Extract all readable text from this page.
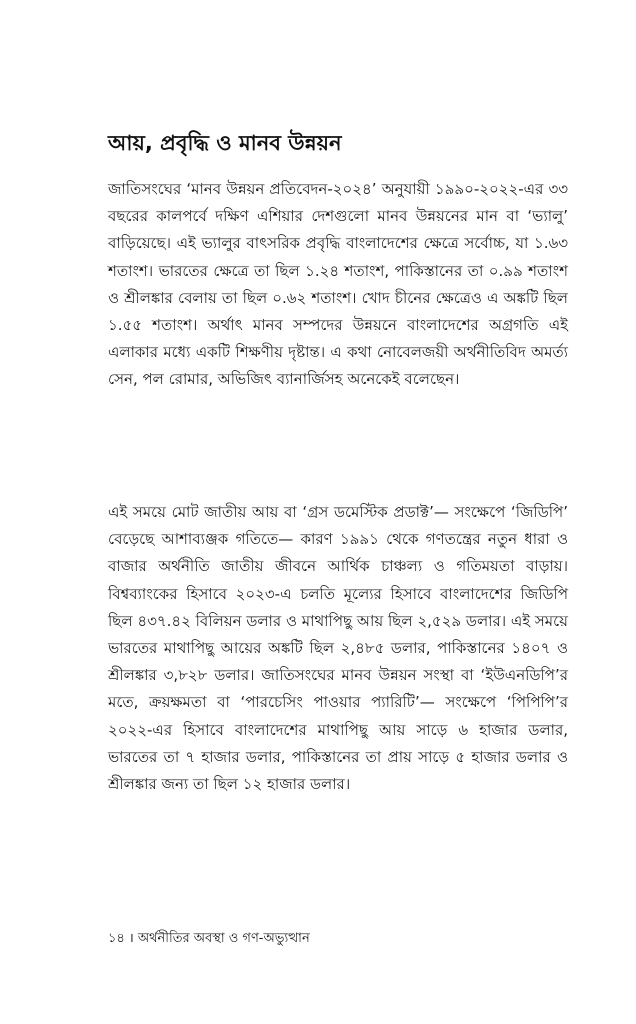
আয়, প্রবৃদ্ধি ও মানব উন্নয়ন

জাতিসংঘের ‘মানব উন্নয়ন প্রতিবেদন-২০২৪’ অনুযায়ী ১৯৯০-২০২২-এর ৩৩ বছরের কালপর্বে দক্ষিণ এশিয়ার দেশগুলো মানব উন্নয়নের মান বা ‘ভ্যালু’ বাড়িয়েছে। এই ভ্যালুর বাৎসরিক প্রবৃদ্ধি বাংলাদেশের ক্ষেত্রে সর্বোচ্চ, যা ১.৬৩ শতাংশ। ভারতের ক্ষেত্রে তা ছিল ১.২৪ শতাংশ, পাকিস্তানের তা ০.৯৯ শতাংশ ও শ্রীলঙ্কার বেলায় তা ছিল ০.৬২ শতাংশ। খোদ চীনের ক্ষেত্রেও এ অঙ্কটি ছিল ১.৫৫ শতাংশ। অর্থাৎ মানব সম্পদের উন্নয়নে বাংলাদেশের অগ্রগতি এই এলাকার মধ্যে একটি শিক্ষণীয় দৃষ্টান্ত। এ কথা নোবেলজয়ী অর্থনীতিবিদ অমর্ত্য সেন, পল রোমার, অভিজিৎ ব্যানার্জিসহ অনেকেই বলেছেন।

এই সময়ে মোট জাতীয় আয় বা ‘গ্রস ডমেস্টিক প্রডাক্ট’— সংক্ষেপে ‘জিডিপি’ বেড়েছে আশাব্যঞ্জক গতিতে— কারণ ১৯৯১ থেকে গণতন্ত্রের নতুন ধারা ও বাজার অর্থনীতি জাতীয় জীবনে আর্থিক চাঞ্চল্য ও গতিময়তা বাড়ায়। বিশ্বব্যাংকের হিসাবে ২০২৩-এ চলতি মূল্যের হিসাবে বাংলাদেশের জিডিপি ছিল ৪৩৭.৪২ বিলিয়ন ডলার ও মাথাপিছু আয় ছিল ২,৫২৯ ডলার। এই সময়ে ভারতের মাথাপিছু আয়ের অঙ্কটি ছিল ২,৪৮৫ ডলার, পাকিস্তানের ১৪০৭ ও শ্রীলঙ্কার ৩,৮২৮ ডলার। জাতিসংঘের মানব উন্নয়ন সংস্থা বা ‘ইউএনডিপি’র মতে, ক্রয়ক্ষমতা বা ‘পারচেসিং পাওয়ার প্যারিটি’— সংক্ষেপে ‘পিপিপি’র ২০২২-এর হিসাবে বাংলাদেশের মাথাপিছু আয় সাড়ে ৬ হাজার ডলার, ভারতের তা ৭ হাজার ডলার, পাকিস্তানের তা প্রায় সাড়ে ৫ হাজার ডলার ও শ্রীলঙ্কার জন্য তা ছিল ১২ হাজার ডলার।

১৪ । অর্থনীতির অবস্থা ও গণ-অভ্যুত্থান
